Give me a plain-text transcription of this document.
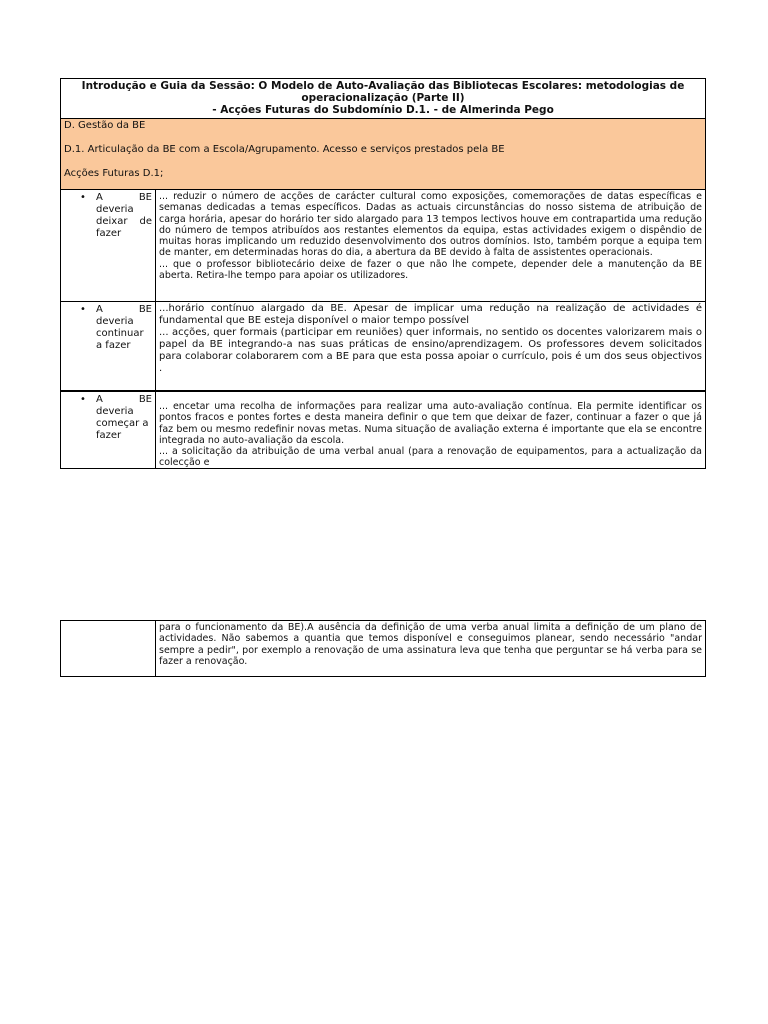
Introdução e Guia da Sessão: O Modelo de Auto-Avaliação das Bibliotecas Escolares: metodologias de operacionalização (Parte II)
- Acções Futuras do Subdomínio D.1. - de Almerinda Pego

D. Gestão da BE

D.1. Articulação da BE com a Escola/Agrupamento. Acesso e serviços prestados pela BE

Acções Futuras D.1;

• A BE
deveria
deixar de
fazer

... reduzir o número de acções de carácter cultural como exposições, comemorações de datas específicas e semanas dedicadas a temas específicos. Dadas as actuais circunstâncias do nosso sistema de atribuição de carga horária, apesar do horário ter sido alargado para 13 tempos lectivos houve em contrapartida uma redução do número de tempos atribuídos aos restantes elementos da equipa, estas actividades exigem o dispêndio de muitas horas implicando um reduzido desenvolvimento dos outros domínios. Isto, também porque a equipa tem de manter, em determinadas horas do dia, a abertura da BE devido à falta de assistentes operacionais.

... que o professor bibliotecário deixe de fazer o que não lhe compete, depender dele a manutenção da BE aberta. Retira-lhe tempo para apoiar os utilizadores.

• A BE
deveria
continuar
a fazer

...horário contínuo alargado da BE. Apesar de implicar uma redução na realização de actividades é fundamental que BE esteja disponível o maior tempo possível

... acções, quer formais (participar em reuniões) quer informais, no sentido os docentes valorizarem mais o papel da BE integrando-a nas suas práticas de ensino/aprendizagem. Os professores devem solicitados para colaborar colaborarem com a BE para que esta possa apoiar o currículo, pois é um dos seus objectivos .

• A BE
deveria
começar a
fazer

... encetar uma recolha de informações para realizar uma auto-avaliação contínua. Ela permite identificar os pontos fracos e pontes fortes e desta maneira definir o que tem que deixar de fazer, continuar a fazer o que já faz bem ou mesmo redefinir novas metas. Numa situação de avaliação externa é importante que ela se encontre integrada no auto-avaliação da escola.

... a solicitação da atribuição de uma verbal anual (para a renovação de equipamentos, para a actualização da colecção e

para o funcionamento da BE).A ausência da definição de uma verba anual limita a definição de um plano de actividades. Não sabemos a quantia que temos disponível e conseguimos planear, sendo necessário "andar sempre a pedir", por exemplo a renovação de uma assinatura leva que tenha que perguntar se há verba para se fazer a renovação.
